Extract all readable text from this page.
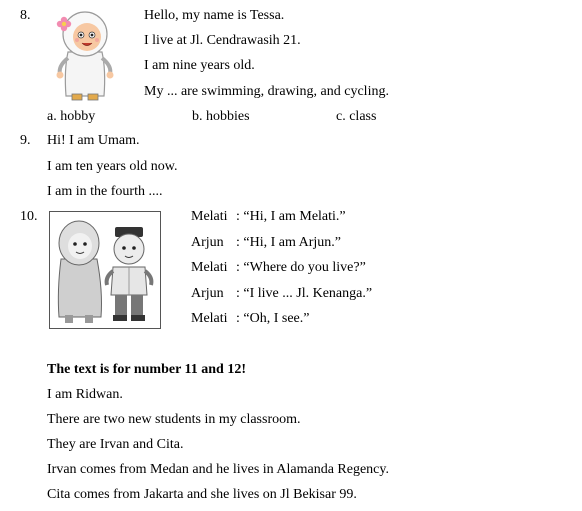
8.	Hello, my name is Tessa.
I live at Jl. Cendrawasih 21.
I am nine years old.
My ... are swimming, drawing, and cycling.
a. hobby	b. hobbies	c. class
9. Hi! I am Umam.
I am ten years old now.
I am in the fourth ....
10.	Melati : “Hi, I am Melati.”
Arjun : “Hi, I am Arjun.”
Melati : “Where do you live?”
Arjun : “I live ... Jl. Kenanga.”
Melati : “Oh, I see.”
The text is for number 11 and 12!
I am Ridwan.
There are two new students in my classroom.
They are Irvan and Cita.
Irvan comes from Medan and he lives in Alamanda Regency.
Cita comes from Jakarta and she lives on Jl Bekisar 99.
